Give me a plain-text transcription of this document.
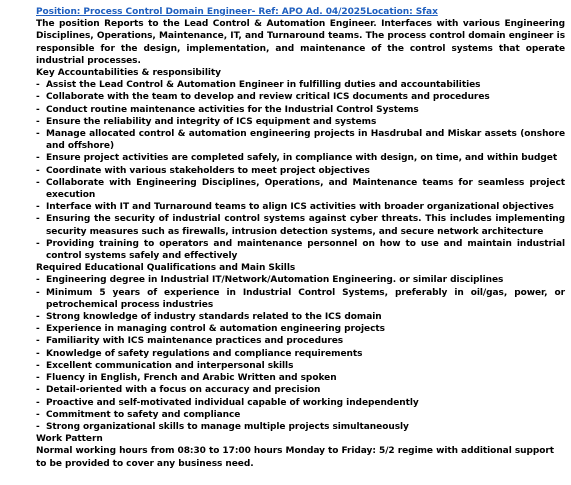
Position: Process Control Domain Engineer- Ref: APO Ad. 04/2025Location: Sfax

The position Reports to the Lead Control & Automation Engineer. Interfaces with various Engineering Disciplines, Operations, Maintenance, IT, and Turnaround teams. The process control domain engineer is responsible for the design, implementation, and maintenance of the control systems that operate industrial processes.

Key Accountabilities & responsibility

- Assist the Lead Control & Automation Engineer in fulfilling duties and accountabilities
- Collaborate with the team to develop and review critical ICS documents and procedures
- Conduct routine maintenance activities for the Industrial Control Systems
- Ensure the reliability and integrity of ICS equipment and systems
- Manage allocated control & automation engineering projects in Hasdrubal and Miskar assets (onshore and offshore)
- Ensure project activities are completed safely, in compliance with design, on time, and within budget
- Coordinate with various stakeholders to meet project objectives
- Collaborate with Engineering Disciplines, Operations, and Maintenance teams for seamless project execution
- Interface with IT and Turnaround teams to align ICS activities with broader organizational objectives
- Ensuring the security of industrial control systems against cyber threats. This includes implementing security measures such as firewalls, intrusion detection systems, and secure network architecture
- Providing training to operators and maintenance personnel on how to use and maintain industrial control systems safely and effectively

Required Educational Qualifications and Main Skills

- Engineering degree in Industrial IT/Network/Automation Engineering. or similar disciplines
- Minimum 5 years of experience in Industrial Control Systems, preferably in oil/gas, power, or petrochemical process industries
- Strong knowledge of industry standards related to the ICS domain
- Experience in managing control & automation engineering projects
- Familiarity with ICS maintenance practices and procedures
- Knowledge of safety regulations and compliance requirements
- Excellent communication and interpersonal skills
- Fluency in English, French and Arabic Written and spoken
- Detail-oriented with a focus on accuracy and precision
- Proactive and self-motivated individual capable of working independently
- Commitment to safety and compliance
- Strong organizational skills to manage multiple projects simultaneously

Work Pattern

Normal working hours from 08:30 to 17:00 hours Monday to Friday: 5/2 regime with additional support to be provided to cover any business need.
